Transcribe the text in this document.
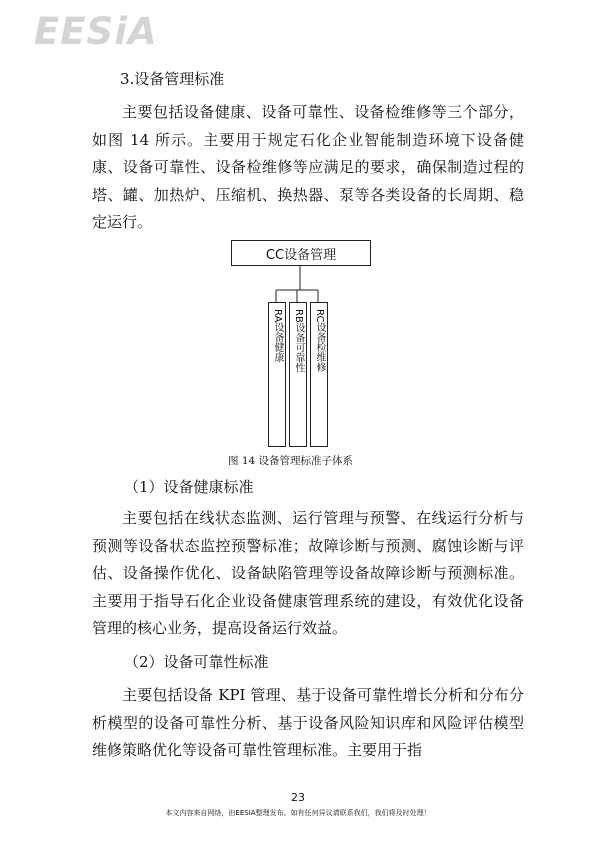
EESiA
3.设备管理标准

主要包括设备健康、设备可靠性、设备检维修等三个部分，如图 14 所示。主要用于规定石化企业智能制造环境下设备健康、设备可靠性、设备检维修等应满足的要求，确保制造过程的塔、罐、加热炉、压缩机、换热器、泵等各类设备的长周期、稳定运行。

CC设备管理
RA设备健康	RB设备可靠性	RC设备检维修
图 14 设备管理标准子体系
（1）设备健康标准

主要包括在线状态监测、运行管理与预警、在线运行分析与预测等设备状态监控预警标准；故障诊断与预测、腐蚀诊断与评估、设备操作优化、设备缺陷管理等设备故障诊断与预测标准。主要用于指导石化企业设备健康管理系统的建设，有效优化设备管理的核心业务，提高设备运行效益。

（2）设备可靠性标准

主要包括设备 KPI 管理、基于设备可靠性增长分析和分布分析模型的设备可靠性分析、基于设备风险知识库和风险评估模型维修策略优化等设备可靠性管理标准。主要用于指

23
本文内容来自网络，由EESIA整理发布。如有任何异议请联系我们，我们将及时处理！
